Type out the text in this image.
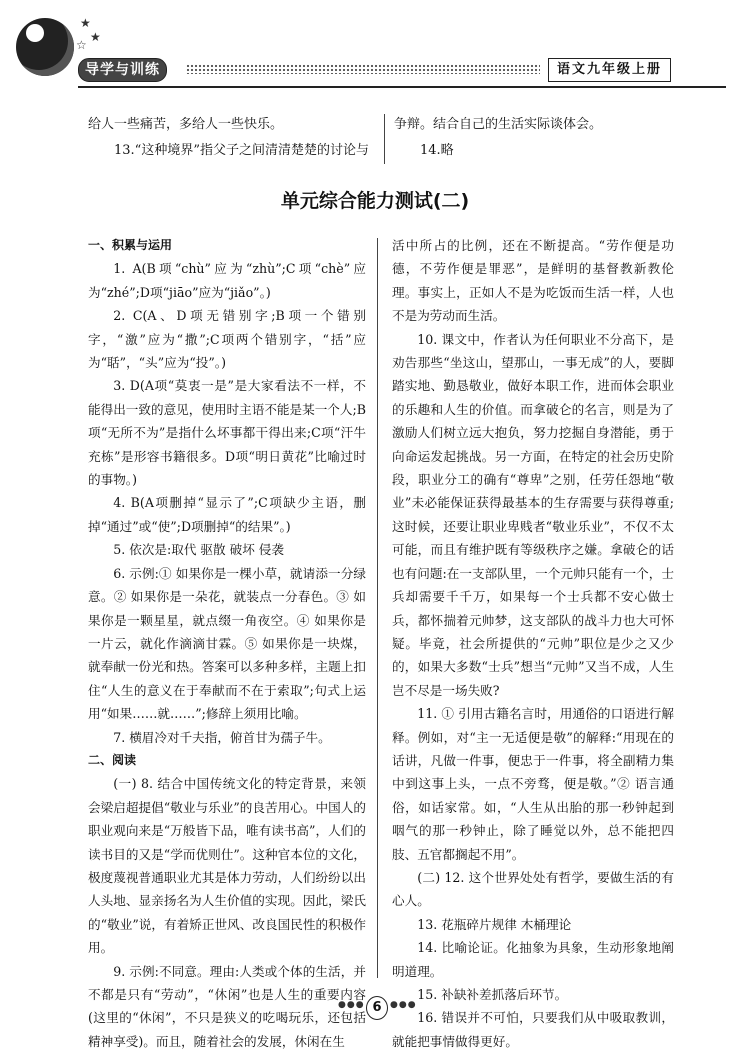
★
★
☆
导学与训练	语文九年级上册

给人一些痛苦，多给人一些快乐。

13.“这种境界”指父子之间清清楚楚的讨论与

争辩。结合自己的生活实际谈体会。

14.略

单元综合能力测试(二)

一、积累与运用

1. A(B项“chù”应为“zhù”;C项“chè”应为“zhé”;D项“jiāo”应为“jiǎo”。)

2. C(A、D项无错别字;B项一个错别字，“激”应为“撒”;C项两个错别字，“括”应为“聒”，“头”应为“投”。)

3. D(A项“莫衷一是”是大家看法不一样，不能得出一致的意见，使用时主语不能是某一个人;B项“无所不为”是指什么坏事都干得出来;C项“汗牛充栋”是形容书籍很多。D项“明日黄花”比喻过时的事物。)

4. B(A项删掉“显示了”;C项缺少主语，删掉“通过”或“使”;D项删掉“的结果”。)

5. 依次是:取代 驱散 破坏 侵袭

6. 示例:① 如果你是一棵小草，就请添一分绿意。② 如果你是一朵花，就装点一分春色。③ 如果你是一颗星星，就点缀一角夜空。④ 如果你是一片云，就化作滴滴甘霖。⑤ 如果你是一块煤，就奉献一份光和热。答案可以多种多样，主题上扣住“人生的意义在于奉献而不在于索取”;句式上运用“如果……就……”;修辞上须用比喻。

7. 横眉冷对千夫指，俯首甘为孺子牛。

二、阅读

(一) 8. 结合中国传统文化的特定背景，来领会梁启超提倡“敬业与乐业”的良苦用心。中国人的职业观向来是“万般皆下品，唯有读书高”，人们的读书目的又是“学而优则仕”。这种官本位的文化，极度蔑视普通职业尤其是体力劳动，人们纷纷以出人头地、显亲扬名为人生价值的实现。因此，梁氏的“敬业”说，有着矫正世风、改良国民性的积极作用。

9. 示例:不同意。理由:人类或个体的生活，并不都是只有“劳动”，“休闲”也是人生的重要内容(这里的“休闲”，不只是狭义的吃喝玩乐，还包括精神享受)。而且，随着社会的发展，休闲在生

活中所占的比例，还在不断提高。“劳作便是功德，不劳作便是罪恶”，是鲜明的基督教新教伦理。事实上，正如人不是为吃饭而生活一样，人也不是为劳动而生活。

10. 课文中，作者认为任何职业不分高下，是劝告那些“坐这山，望那山，一事无成”的人，要脚踏实地、勤恳敬业，做好本职工作，进而体会职业的乐趣和人生的价值。而拿破仑的名言，则是为了激励人们树立远大抱负，努力挖掘自身潜能，勇于向命运发起挑战。另一方面，在特定的社会历史阶段，职业分工的确有“尊卑”之别，任劳任怨地“敬业”未必能保证获得最基本的生存需要与获得尊重;这时候，还要让职业卑贱者“敬业乐业”，不仅不太可能，而且有维护既有等级秩序之嫌。拿破仑的话也有问题:在一支部队里，一个元帅只能有一个，士兵却需要千千万，如果每一个士兵都不安心做士兵，都怀揣着元帅梦，这支部队的战斗力也大可怀疑。毕竟，社会所提供的“元帅”职位是少之又少的，如果大多数“士兵”想当“元帅”又当不成，人生岂不尽是一场失败?

11. ① 引用古籍名言时，用通俗的口语进行解释。例如，对“主一无适便是敬”的解释:“用现在的话讲，凡做一件事，便忠于一件事，将全副精力集中到这事上头，一点不旁骛，便是敬。”② 语言通俗，如话家常。如，“人生从出胎的那一秒钟起到咽气的那一秒钟止，除了睡觉以外，总不能把四肢、五官都搁起不用”。

(二) 12. 这个世界处处有哲学，要做生活的有心人。

13. 花瓶碎片规律 木桶理论

14. 比喻论证。化抽象为具象，生动形象地阐明道理。

15. 补缺补差抓落后环节。

16. 错误并不可怕，只要我们从中吸取教训，就能把事情做得更好。

●●● 6 ●●●
